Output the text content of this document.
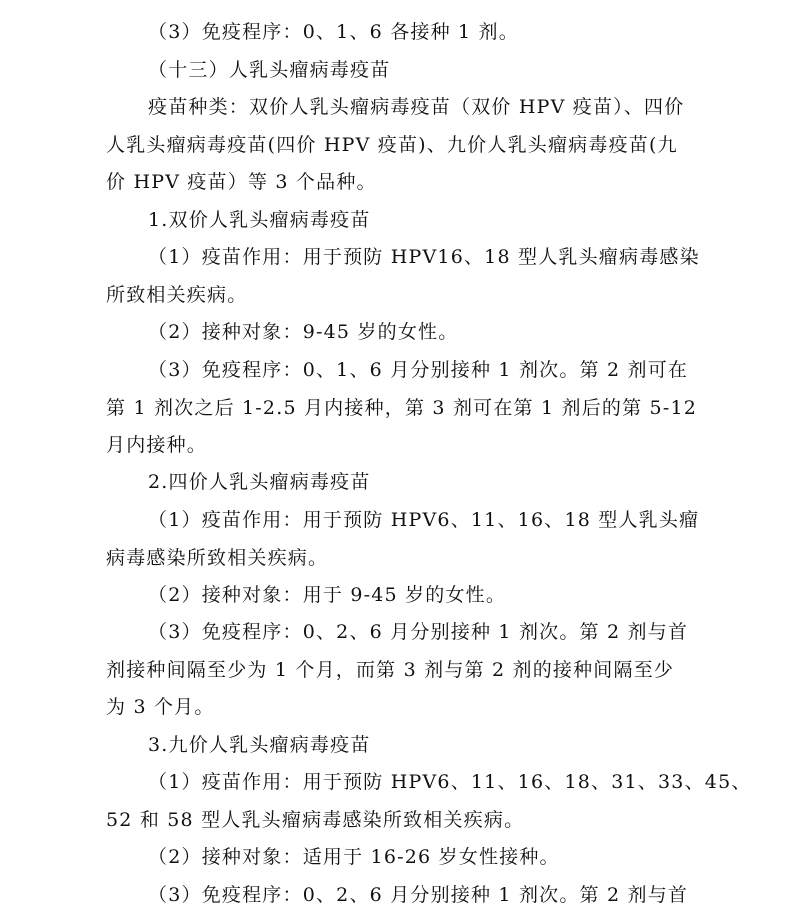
（3）免疫程序：0、1、6 各接种 1 剂。
（十三）人乳头瘤病毒疫苗
疫苗种类：双价人乳头瘤病毒疫苗（双价 HPV 疫苗）、四价
人乳头瘤病毒疫苗(四价 HPV 疫苗)、九价人乳头瘤病毒疫苗(九
价 HPV 疫苗）等 3 个品种。
1.双价人乳头瘤病毒疫苗
（1）疫苗作用：用于预防 HPV16、18 型人乳头瘤病毒感染
所致相关疾病。
（2）接种对象：9-45 岁的女性。
（3）免疫程序：0、1、6 月分别接种 1 剂次。第 2 剂可在
第 1 剂次之后 1-2.5 月内接种，第 3 剂可在第 1 剂后的第 5-12
月内接种。
2.四价人乳头瘤病毒疫苗
（1）疫苗作用：用于预防 HPV6、11、16、18 型人乳头瘤
病毒感染所致相关疾病。
（2）接种对象：用于 9-45 岁的女性。
（3）免疫程序：0、2、6 月分别接种 1 剂次。第 2 剂与首
剂接种间隔至少为 1 个月，而第 3 剂与第 2 剂的接种间隔至少
为 3 个月。
3.九价人乳头瘤病毒疫苗
（1）疫苗作用：用于预防 HPV6、11、16、18、31、33、45、
52 和 58 型人乳头瘤病毒感染所致相关疾病。
（2）接种对象：适用于 16-26 岁女性接种。
（3）免疫程序：0、2、6 月分别接种 1 剂次。第 2 剂与首
